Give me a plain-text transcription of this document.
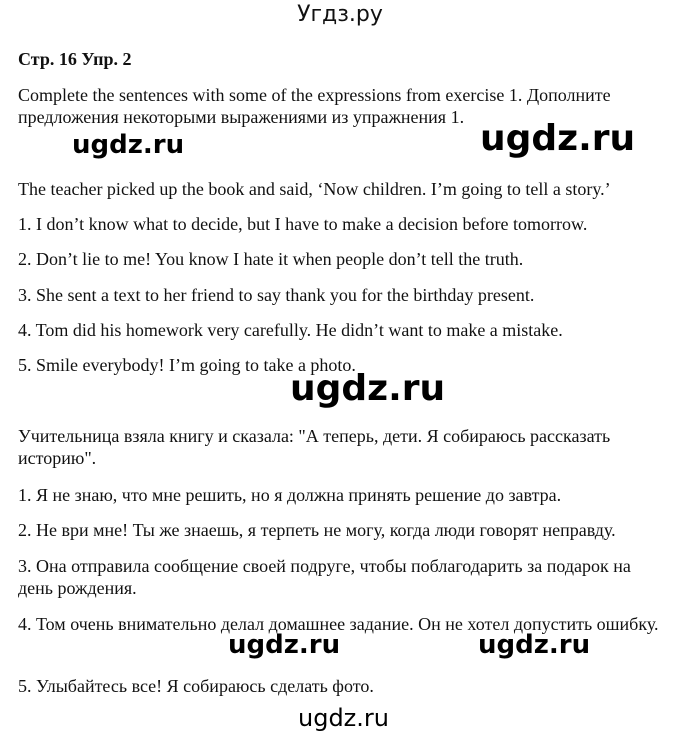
Угдз.ру
Стр. 16 Упр. 2
Complete the sentences with some of the expressions from exercise 1. Дополните предложения некоторыми выражениями из упражнения 1.
ugdz.ru	ugdz.ru
The teacher picked up the book and said, ‘Now children. I’m going to tell a story.’
1. I don’t know what to decide, but I have to make a decision before tomorrow.
2. Don’t lie to me! You know I hate it when people don’t tell the truth.
3. She sent a text to her friend to say thank you for the birthday present.
4. Tom did his homework very carefully. He didn’t want to make a mistake.
5. Smile everybody! I’m going to take a photo.
ugdz.ru
Учительница взяла книгу и сказала: "А теперь, дети. Я собираюсь рассказать историю".
1. Я не знаю, что мне решить, но я должна принять решение до завтра.
2. Не ври мне! Ты же знаешь, я терпеть не могу, когда люди говорят неправду.
3. Она отправила сообщение своей подруге, чтобы поблагодарить за подарок на день рождения.
4. Том очень внимательно делал домашнее задание. Он не хотел допустить ошибку.
ugdz.ru	ugdz.ru
5. Улыбайтесь все! Я собираюсь сделать фото.
ugdz.ru
